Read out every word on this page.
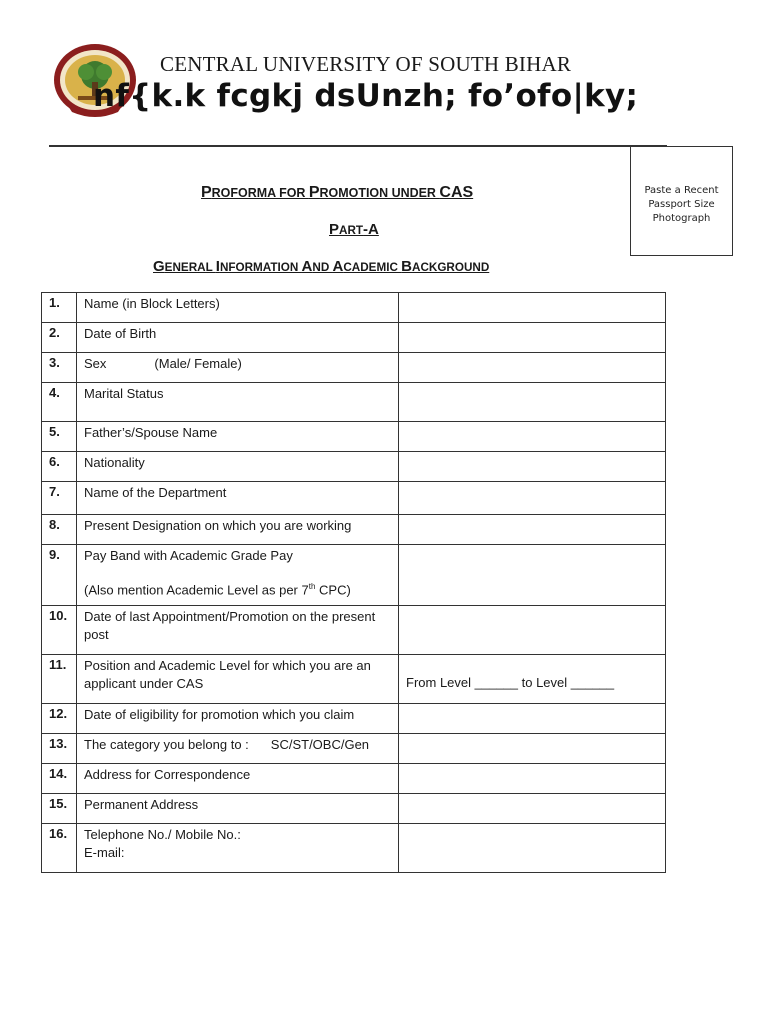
CENTRAL UNIVERSITY OF SOUTH BIHAR
nf{k.k fcgkj dsUnzh; fo’ofo|ky;
Paste a Recent
Passport Size
Photograph
PROFORMA FOR PROMOTION UNDER CAS
PART-A
GENERAL INFORMATION AND ACADEMIC BACKGROUND
1.	Name (in Block Letters)	

2.	Date of Birth	

3.	Sex (Male/ Female)	

4.	Marital Status	

5.	Father’s/Spouse Name	

6.	Nationality	

7.	Name of the Department	

8.	Present Designation on which you are working	

9.	Pay Band with Academic Grade Pay
(Also mention Academic Level as per 7th CPC)	

10.	Date of last Appointment/Promotion on the present post	

11.	Position and Academic Level for which you are an applicant under CAS	From Level ______ to Level ______

12.	Date of eligibility for promotion which you claim	

13.	The category you belong to : SC/ST/OBC/Gen	

14.	Address for Correspondence	

15.	Permanent Address	

16.	Telephone No./ Mobile No.:
E-mail:	
